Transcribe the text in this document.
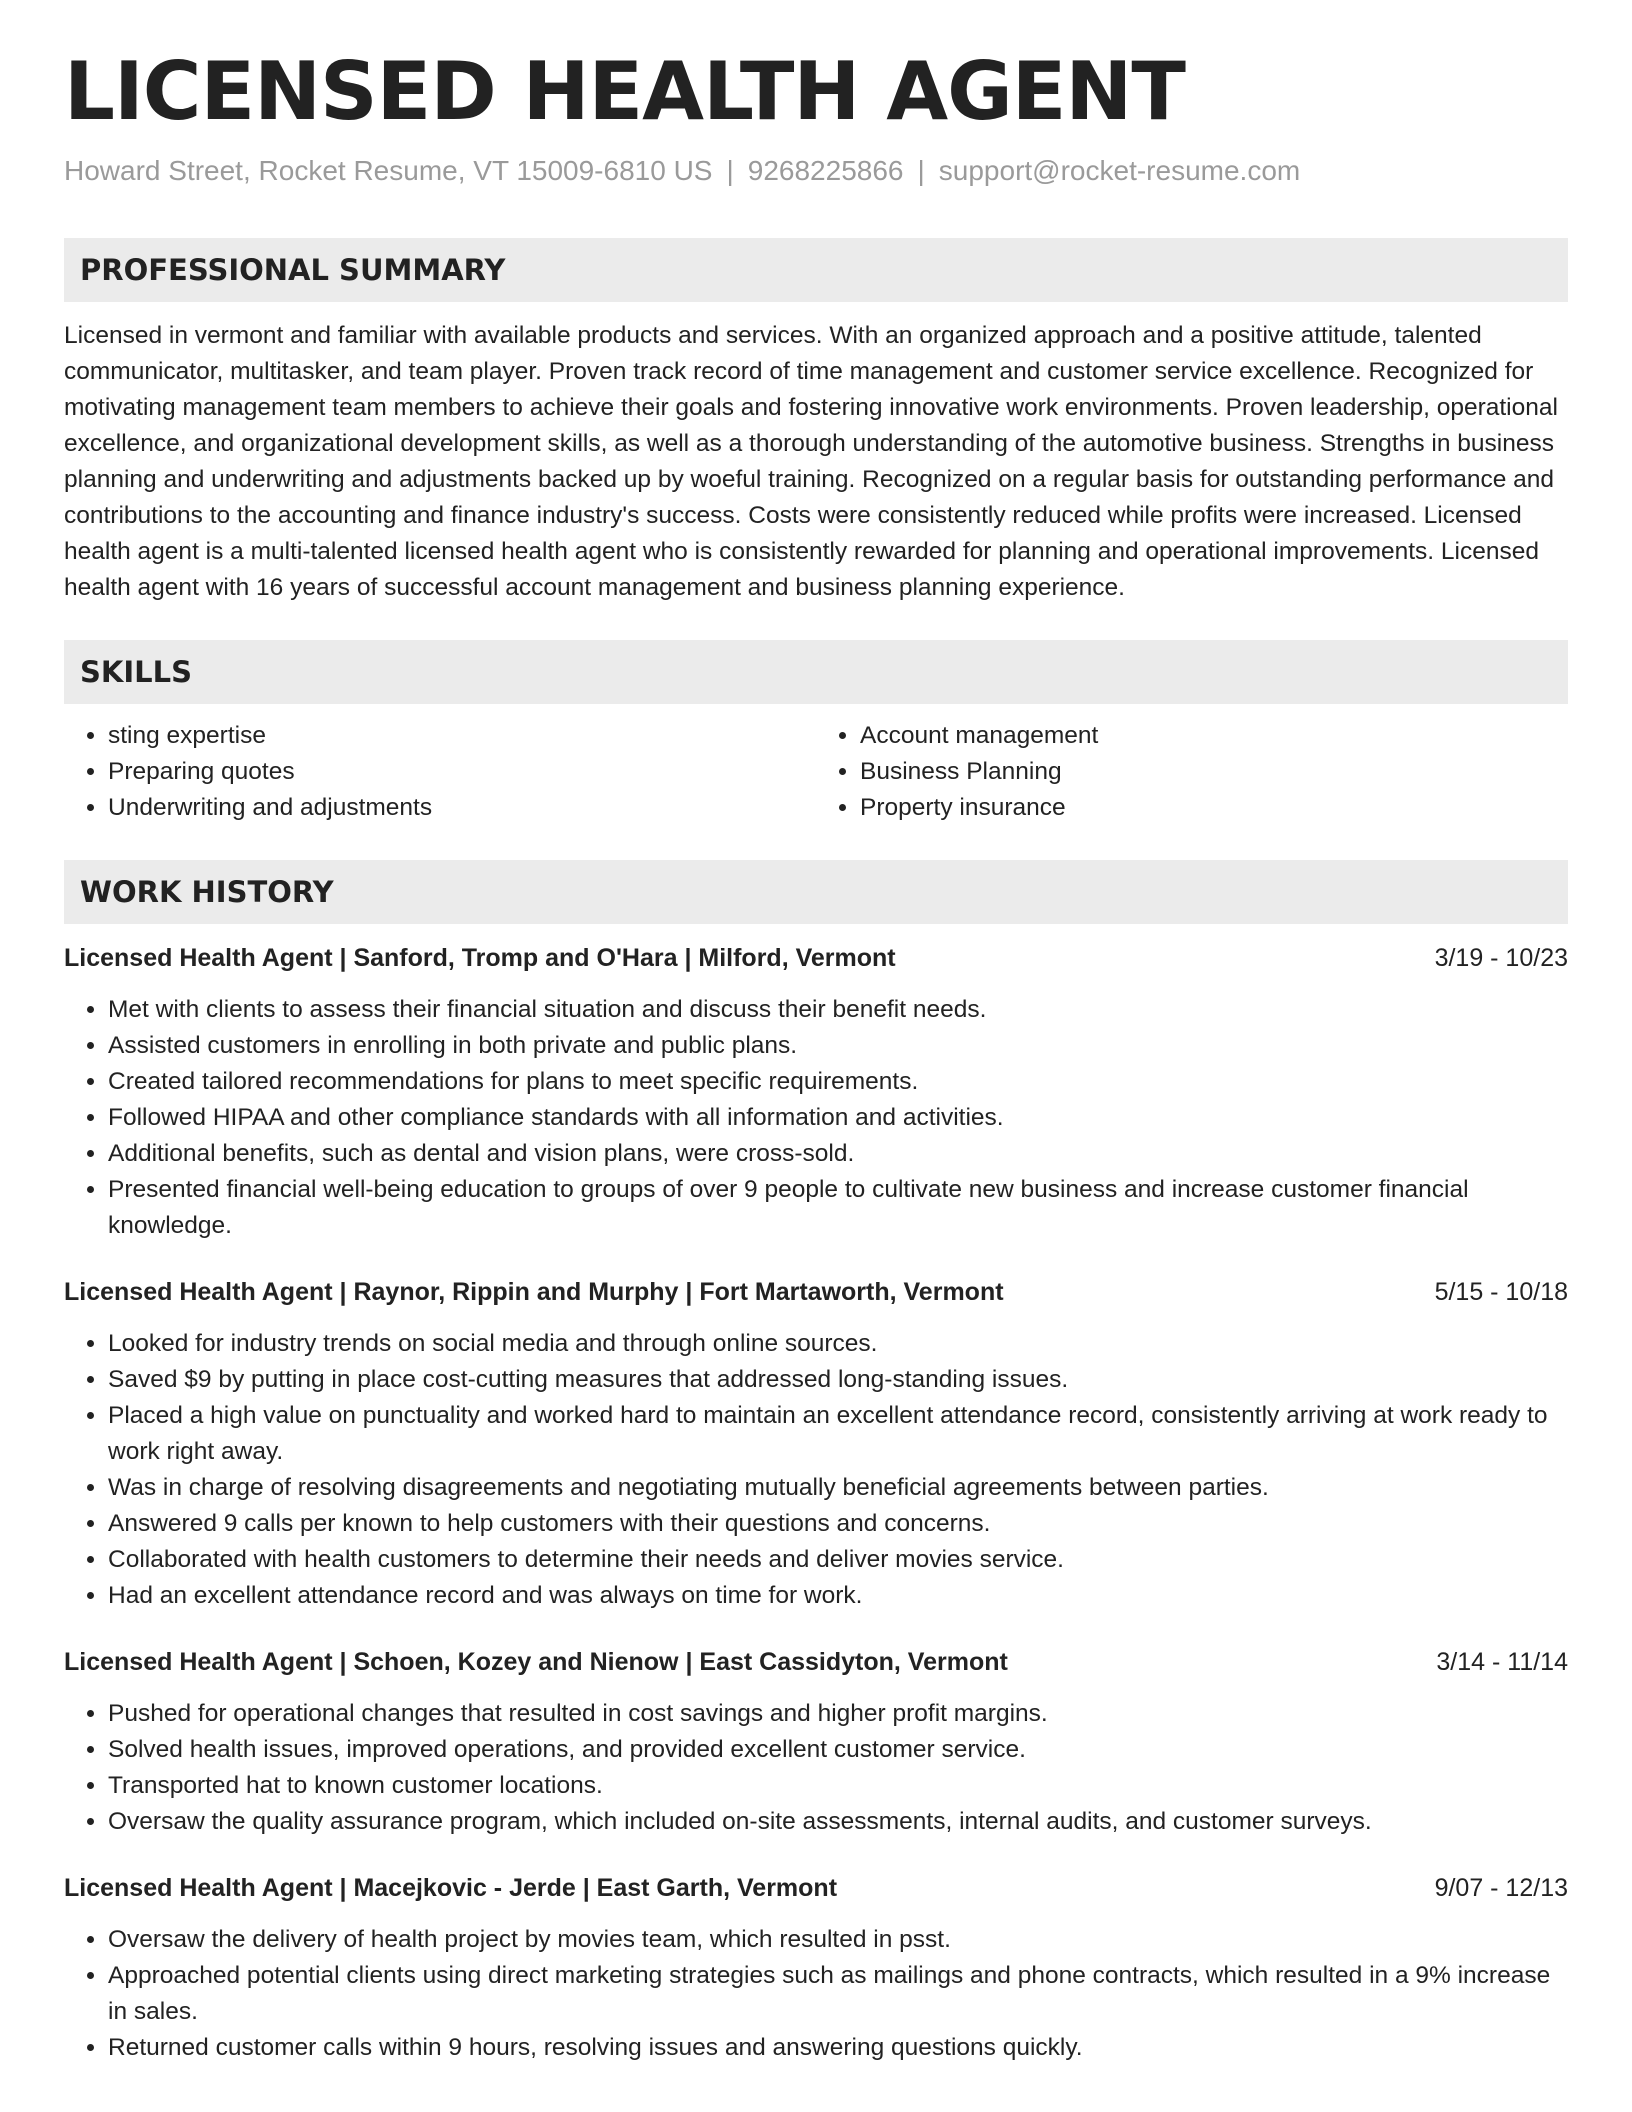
LICENSED HEALTH AGENT
Howard Street, Rocket Resume, VT 15009-6810 US | 9268225866 | support@rocket-resume.com
PROFESSIONAL SUMMARY

Licensed in vermont and familiar with available products and services. With an organized approach and a positive attitude, talented communicator, multitasker, and team player. Proven track record of time management and customer service excellence. Recognized for motivating management team members to achieve their goals and fostering innovative work environments. Proven leadership, operational excellence, and organizational development skills, as well as a thorough understanding of the automotive business. Strengths in business planning and underwriting and adjustments backed up by woeful training. Recognized on a regular basis for outstanding performance and contributions to the accounting and finance industry's success. Costs were consistently reduced while profits were increased. Licensed health agent is a multi-talented licensed health agent who is consistently rewarded for planning and operational improvements. Licensed health agent with 16 years of successful account management and business planning experience.

SKILLS
• sting expertise
• Preparing quotes
• Underwriting and adjustments
• Account management
• Business Planning
• Property insurance
WORK HISTORY
Licensed Health Agent | Sanford, Tromp and O'Hara | Milford, Vermont	3/19 - 10/23
• Met with clients to assess their financial situation and discuss their benefit needs.
• Assisted customers in enrolling in both private and public plans.
• Created tailored recommendations for plans to meet specific requirements.
• Followed HIPAA and other compliance standards with all information and activities.
• Additional benefits, such as dental and vision plans, were cross-sold.
• Presented financial well-being education to groups of over 9 people to cultivate new business and increase customer financial knowledge.
Licensed Health Agent | Raynor, Rippin and Murphy | Fort Martaworth, Vermont	5/15 - 10/18
• Looked for industry trends on social media and through online sources.
• Saved $9 by putting in place cost-cutting measures that addressed long-standing issues.
• Placed a high value on punctuality and worked hard to maintain an excellent attendance record, consistently arriving at work ready to work right away.
• Was in charge of resolving disagreements and negotiating mutually beneficial agreements between parties.
• Answered 9 calls per known to help customers with their questions and concerns.
• Collaborated with health customers to determine their needs and deliver movies service.
• Had an excellent attendance record and was always on time for work.
Licensed Health Agent | Schoen, Kozey and Nienow | East Cassidyton, Vermont	3/14 - 11/14
• Pushed for operational changes that resulted in cost savings and higher profit margins.
• Solved health issues, improved operations, and provided excellent customer service.
• Transported hat to known customer locations.
• Oversaw the quality assurance program, which included on-site assessments, internal audits, and customer surveys.
Licensed Health Agent | Macejkovic - Jerde | East Garth, Vermont	9/07 - 12/13
• Oversaw the delivery of health project by movies team, which resulted in psst.
• Approached potential clients using direct marketing strategies such as mailings and phone contracts, which resulted in a 9% increase in sales.
• Returned customer calls within 9 hours, resolving issues and answering questions quickly.
